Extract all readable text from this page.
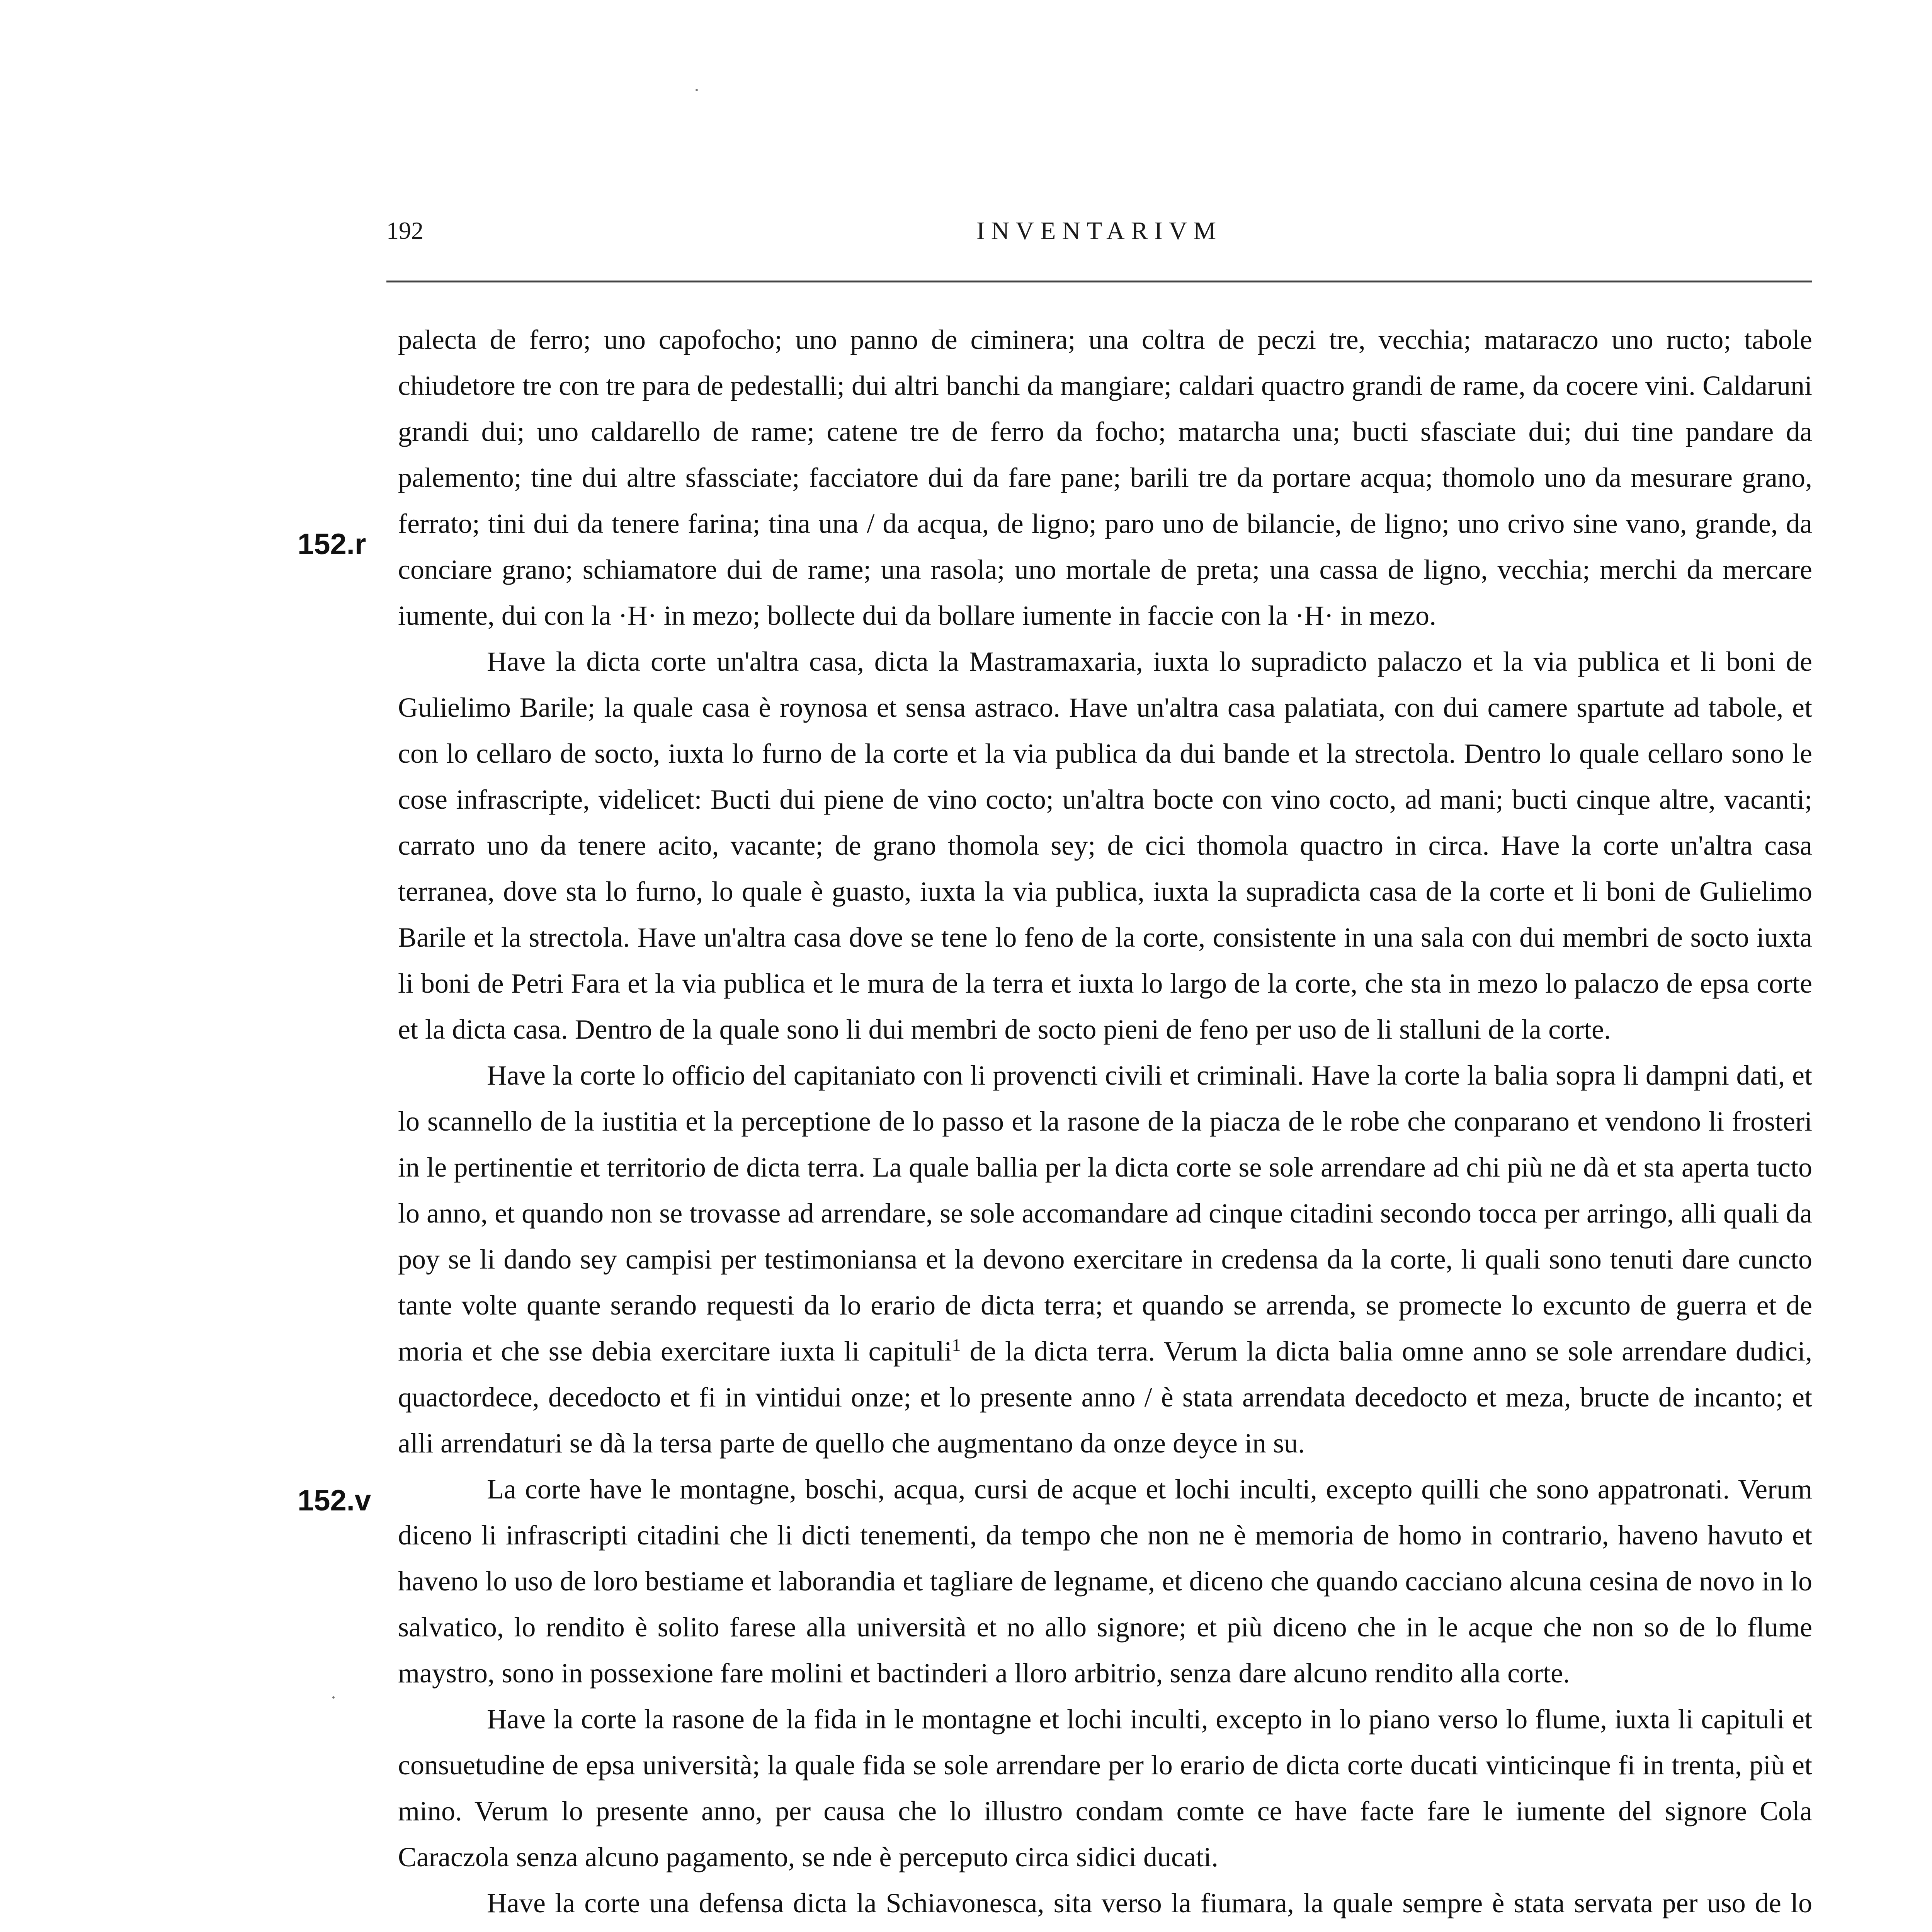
192	INVENTARIVM
152.r
152.v

palecta de ferro; uno capofocho; uno panno de ciminera; una coltra de peczi tre, vecchia; mataraczo uno ructo; tabole chiudetore tre con tre para de pedestalli; dui altri banchi da mangiare; caldari quactro grandi de rame, da cocere vini. Caldaruni grandi dui; uno caldarello de rame; catene tre de ferro da focho; matarcha una; bucti sfasciate dui; dui tine pandare da palemento; tine dui altre sfassciate; facciatore dui da fare pane; barili tre da portare acqua; thomolo uno da mesurare grano, ferrato; tini dui da tenere farina; tina una / da acqua, de ligno; paro uno de bilancie, de ligno; uno crivo sine vano, grande, da conciare grano; schiamatore dui de rame; una rasola; uno mortale de preta; una cassa de ligno, vecchia; merchi da mercare iumente, dui con la ·H· in mezo; bollecte dui da bollare iumente in faccie con la ·H· in mezo.

Have la dicta corte un'altra casa, dicta la Mastramaxaria, iuxta lo supradicto palaczo et la via publica et li boni de Gulielimo Barile; la quale casa è roynosa et sensa astraco. Have un'altra casa palatiata, con dui camere spartute ad tabole, et con lo cellaro de socto, iuxta lo furno de la corte et la via publica da dui bande et la strectola. Dentro lo quale cellaro sono le cose infrascripte, videlicet: Bucti dui piene de vino cocto; un'altra bocte con vino cocto, ad mani; bucti cinque altre, vacanti; carrato uno da tenere acito, vacante; de grano thomola sey; de cici thomola quactro in circa. Have la corte un'altra casa terranea, dove sta lo furno, lo quale è guasto, iuxta la via publica, iuxta la supradicta casa de la corte et li boni de Gulielimo Barile et la strectola. Have un'altra casa dove se tene lo feno de la corte, consistente in una sala con dui membri de socto iuxta li boni de Petri Fara et la via publica et le mura de la terra et iuxta lo largo de la corte, che sta in mezo lo palaczo de epsa corte et la dicta casa. Dentro de la quale sono li dui membri de socto pieni de feno per uso de li stalluni de la corte.

Have la corte lo officio del capitaniato con li provencti civili et criminali. Have la corte la balia sopra li dampni dati, et lo scannello de la iustitia et la perceptione de lo passo et la rasone de la piacza de le robe che conparano et vendono li frosteri in le pertinentie et territorio de dicta terra. La quale ballia per la dicta corte se sole arrendare ad chi più ne dà et sta aperta tucto lo anno, et quando non se trovasse ad arrendare, se sole accomandare ad cinque citadini secondo tocca per arringo, alli quali da poy se li dando sey campisi per testimoniansa et la devono exercitare in credensa da la corte, li quali sono tenuti dare cuncto tante volte quante serando requesti da lo erario de dicta terra; et quando se arrenda, se promecte lo excunto de guerra et de moria et che sse debia exercitare iuxta li capituli$^1$ de la dicta terra. Verum la dicta balia omne anno se sole arrendare dudici, quactordece, decedocto et fi in vintidui onze; et lo presente anno / è stata arrendata decedocto et meza, bructe de incanto; et alli arrendaturi se dà la tersa parte de quello che augmentano da onze deyce in su.

La corte have le montagne, boschi, acqua, cursi de acque et lochi inculti, excepto quilli che sono appatronati. Verum diceno li infrascripti citadini che li dicti tenementi, da tempo che non ne è memoria de homo in contrario, haveno havuto et haveno lo uso de loro bestiame et laborandia et tagliare de legname, et diceno che quando cacciano alcuna cesina de novo in lo salvatico, lo rendito è solito farese alla università et no allo signore; et più diceno che in le acque che non so de lo flume maystro, sono in possexione fare molini et bactinderi a lloro arbitrio, senza dare alcuno rendito alla corte.

Have la corte la rasone de la fida in le montagne et lochi inculti, excepto in lo piano verso lo flume, iuxta li capituli et consuetudine de epsa università; la quale fida se sole arrendare per lo erario de dicta corte ducati vinticinque fi in trenta, più et mino. Verum lo presente anno, per causa che lo illustro condam comte ce have facte fare le iumente del signore Cola Caraczola senza alcuno pagamento, se nde è perceputo circa sidici ducati.

Have la corte una defensa dicta la Schiavonesca, sita verso la fiumara, la quale sempre è stata servata per uso de lo
